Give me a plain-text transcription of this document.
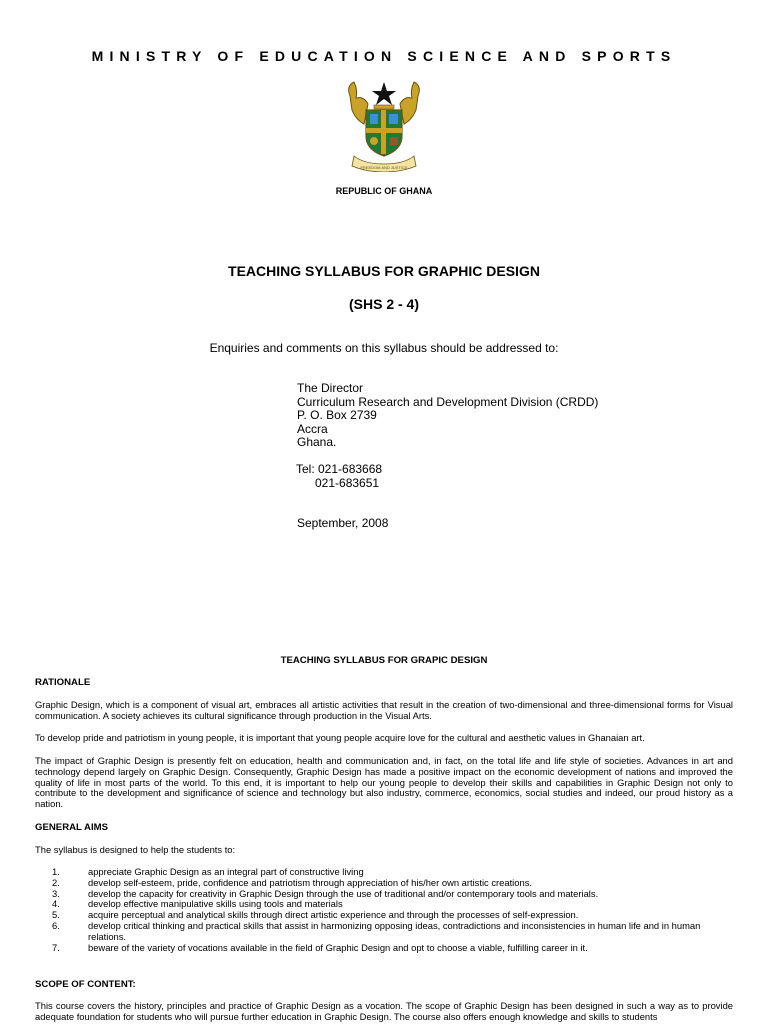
MINISTRY OF EDUCATION SCIENCE AND SPORTS
FREEDOM AND JUSTICE
REPUBLIC OF GHANA
TEACHING SYLLABUS FOR GRAPHIC DESIGN
(SHS 2 - 4)
Enquiries and comments on this syllabus should be addressed to:
The Director
Curriculum Research and Development Division (CRDD)
P. O. Box 2739
Accra
Ghana.
Tel: 021-683668
021-683651
September, 2008
TEACHING SYLLABUS FOR GRAPIC DESIGN
RATIONALE
Graphic Design, which is a component of visual art, embraces all artistic activities that result in the creation of two-dimensional and three-dimensional forms for Visual communication. A society achieves its cultural significance through production in the Visual Arts.
To develop pride and patriotism in young people, it is important that young people acquire love for the cultural and aesthetic values in Ghanaian art.
The impact of Graphic Design is presently felt on education, health and communication and, in fact, on the total life and life style of societies. Advances in art and technology depend largely on Graphic Design. Consequently, Graphic Design has made a positive impact on the economic development of nations and improved the quality of life in most parts of the world. To this end, it is important to help our young people to develop their skills and capabilities in Graphic Design not only to contribute to the development and significance of science and technology but also industry, commerce, economics, social studies and indeed, our proud history as a nation.
GENERAL AIMS
The syllabus is designed to help the students to:
1.	appreciate Graphic Design as an integral part of constructive living
2.	develop self-esteem, pride, confidence and patriotism through appreciation of his/her own artistic creations.
3.	develop the capacity for creativity in Graphic Design through the use of traditional and/or contemporary tools and materials.
4.	develop effective manipulative skills using tools and materials
5.	acquire perceptual and analytical skills through direct artistic experience and through the processes of self-expression.
6.	develop critical thinking and practical skills that assist in harmonizing opposing ideas, contradictions and inconsistencies in human life and in human relations.
7.	beware of the variety of vocations available in the field of Graphic Design and opt to choose a viable, fulfilling career in it.
SCOPE OF CONTENT:
This course covers the history, principles and practice of Graphic Design as a vocation. The scope of Graphic Design has been designed in such a way as to provide adequate foundation for students who will pursue further education in Graphic Design. The course also offers enough knowledge and skills to students
